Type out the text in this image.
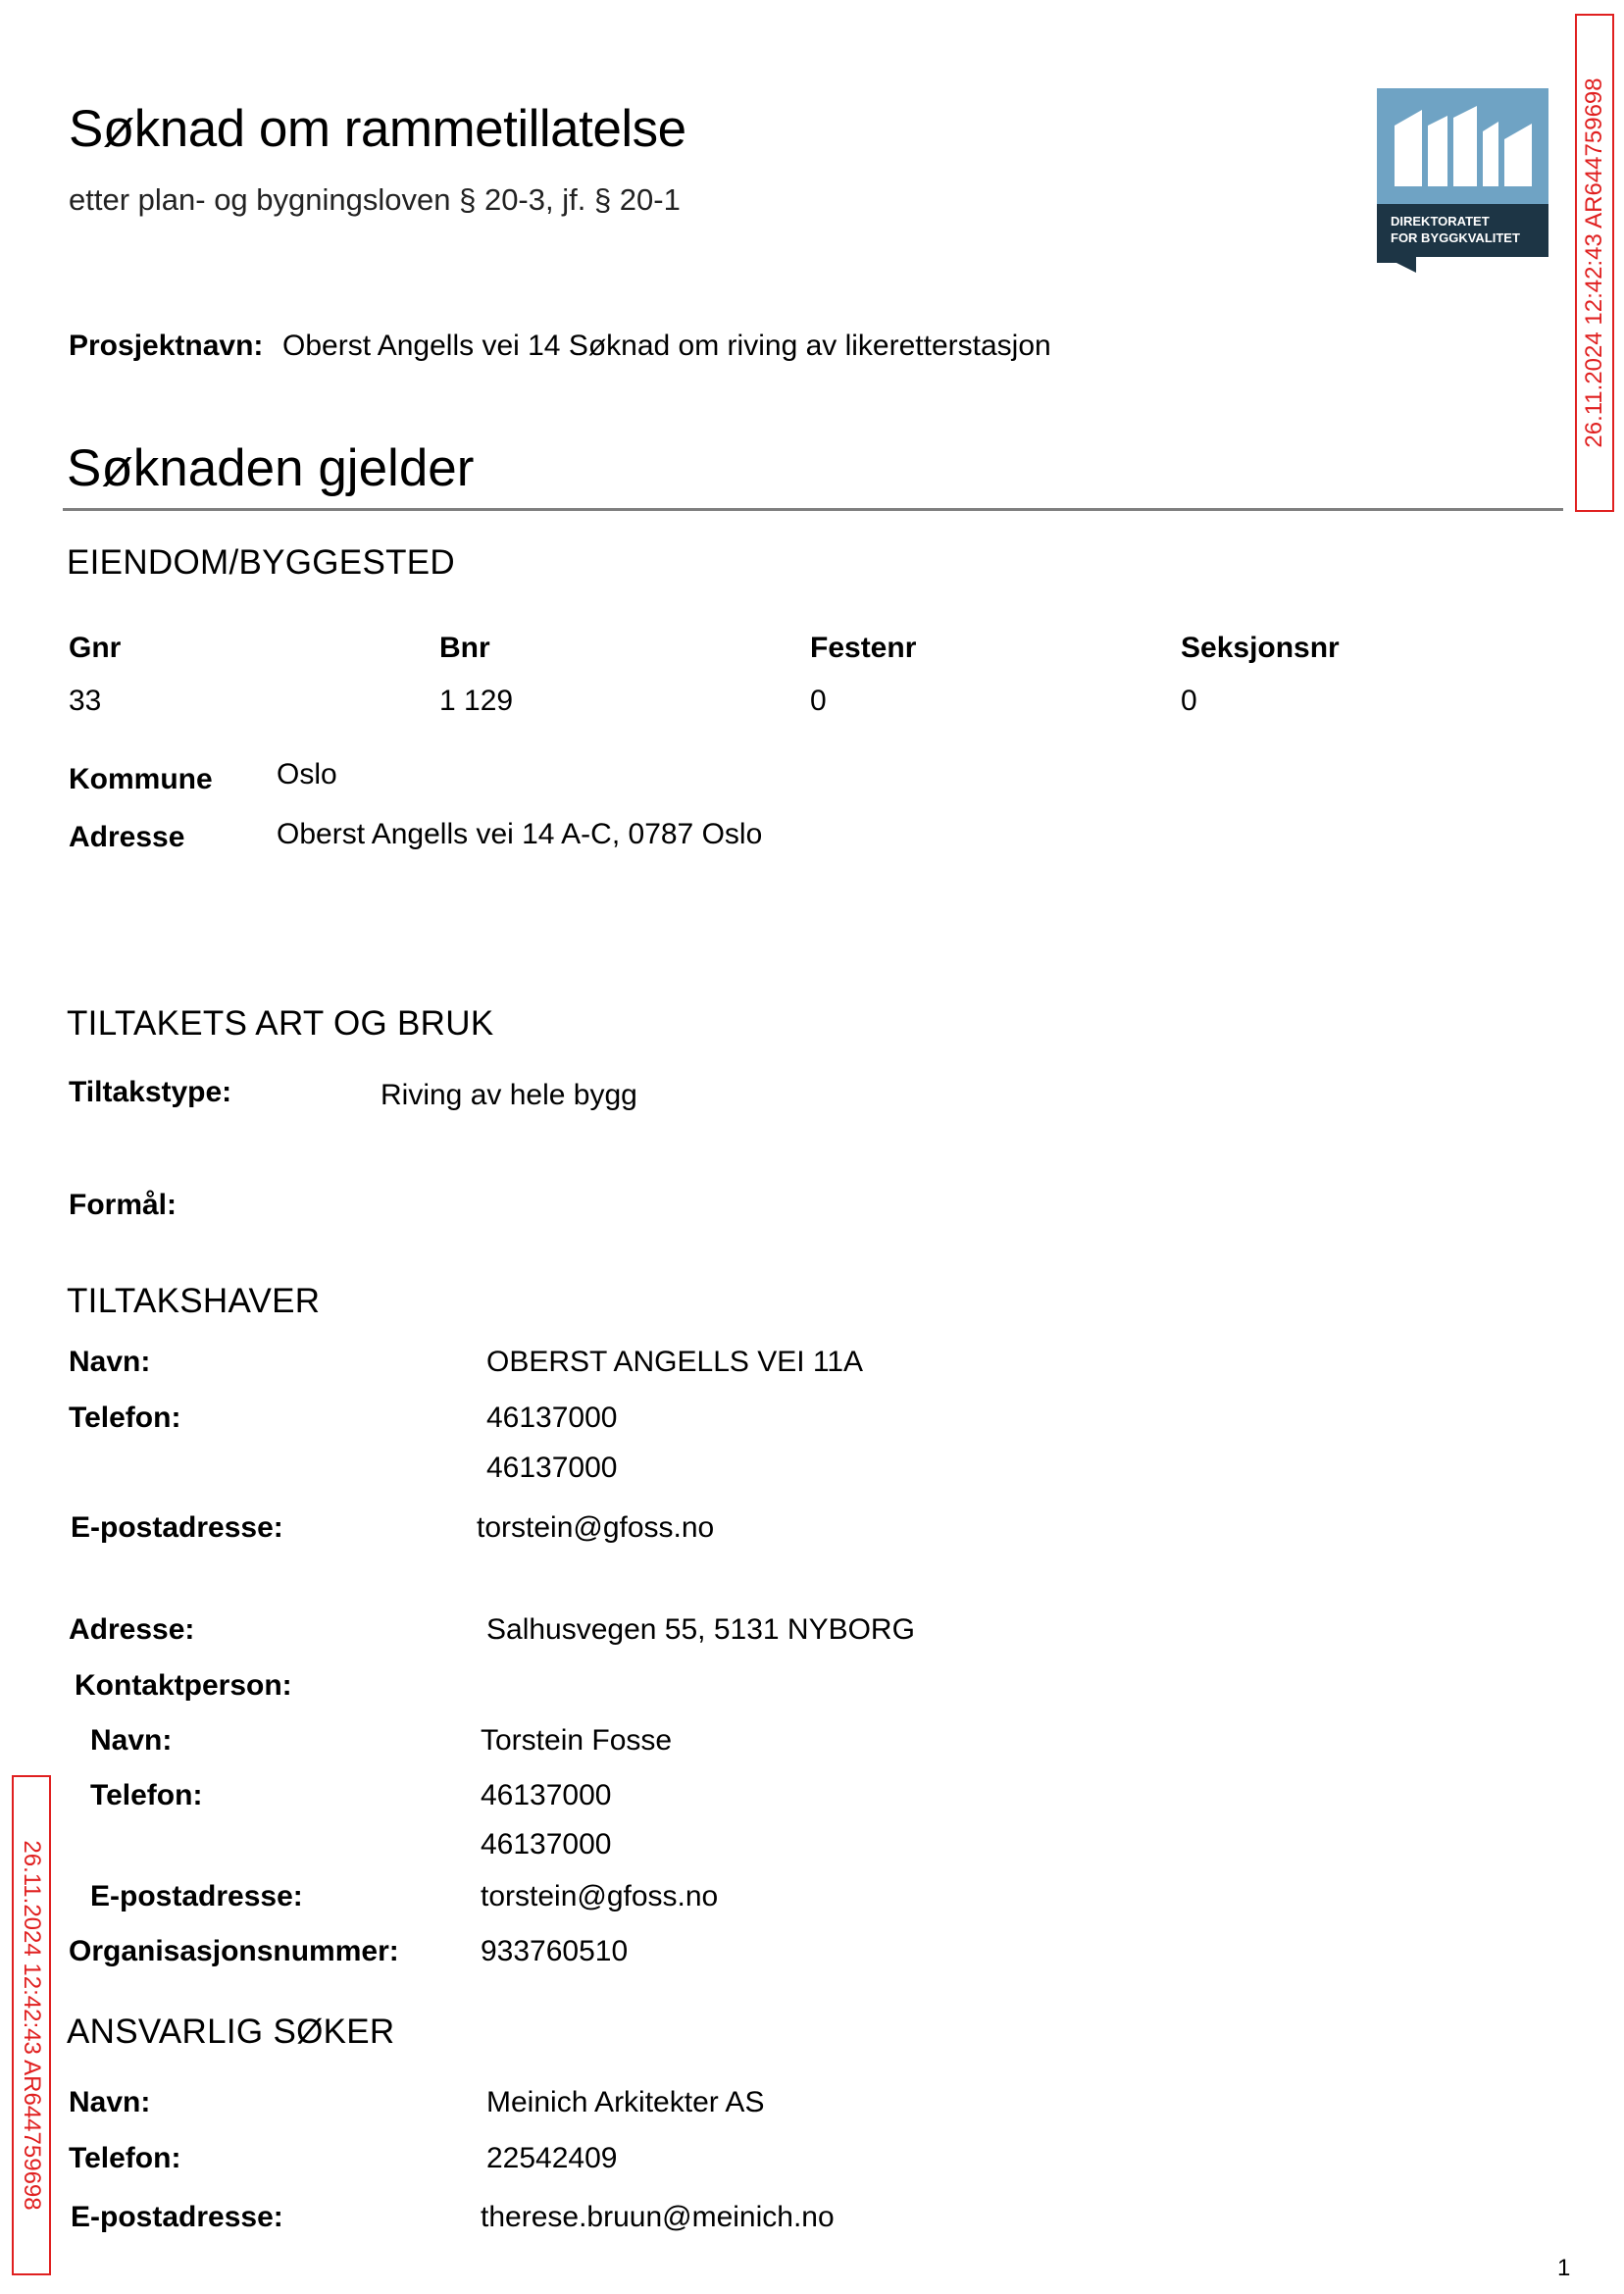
Søknad om rammetillatelse
etter plan- og bygningsloven § 20-3, jf. § 20-1
DIREKTORATET
FOR BYGGKVALITET	26.11.2024 12:42:43 AR644759698
Prosjektnavn: Oberst Angells vei 14 Søknad om riving av likeretterstasjon
Søknaden gjelder
EIENDOM/BYGGESTED
Gnr	Bnr	Festenr	Seksjonsnr
33	1 129	0	0
Kommune Oslo
Adresse	Oberst Angells vei 14 A-C, 0787 Oslo
TILTAKETS ART OG BRUK
Tiltakstype:	Riving av hele bygg
Formål:
TILTAKSHAVER
Navn:	OBERST ANGELLS VEI 11A
Telefon:	46137000
46137000
E-postadresse:	torstein@gfoss.no
Adresse:	Salhusvegen 55, 5131 NYBORG
Kontaktperson:
Navn:	Torstein Fosse
Telefon:	46137000
46137000
E-postadresse:	torstein@gfoss.no
Organisasjonsnummer:	933760510
ANSVARLIG SØKER
Navn:	Meinich Arkitekter AS
Telefon:	22542409
E-postadresse:	therese.bruun@meinich.no
26.11.2024 12:42:43 AR644759698
1
